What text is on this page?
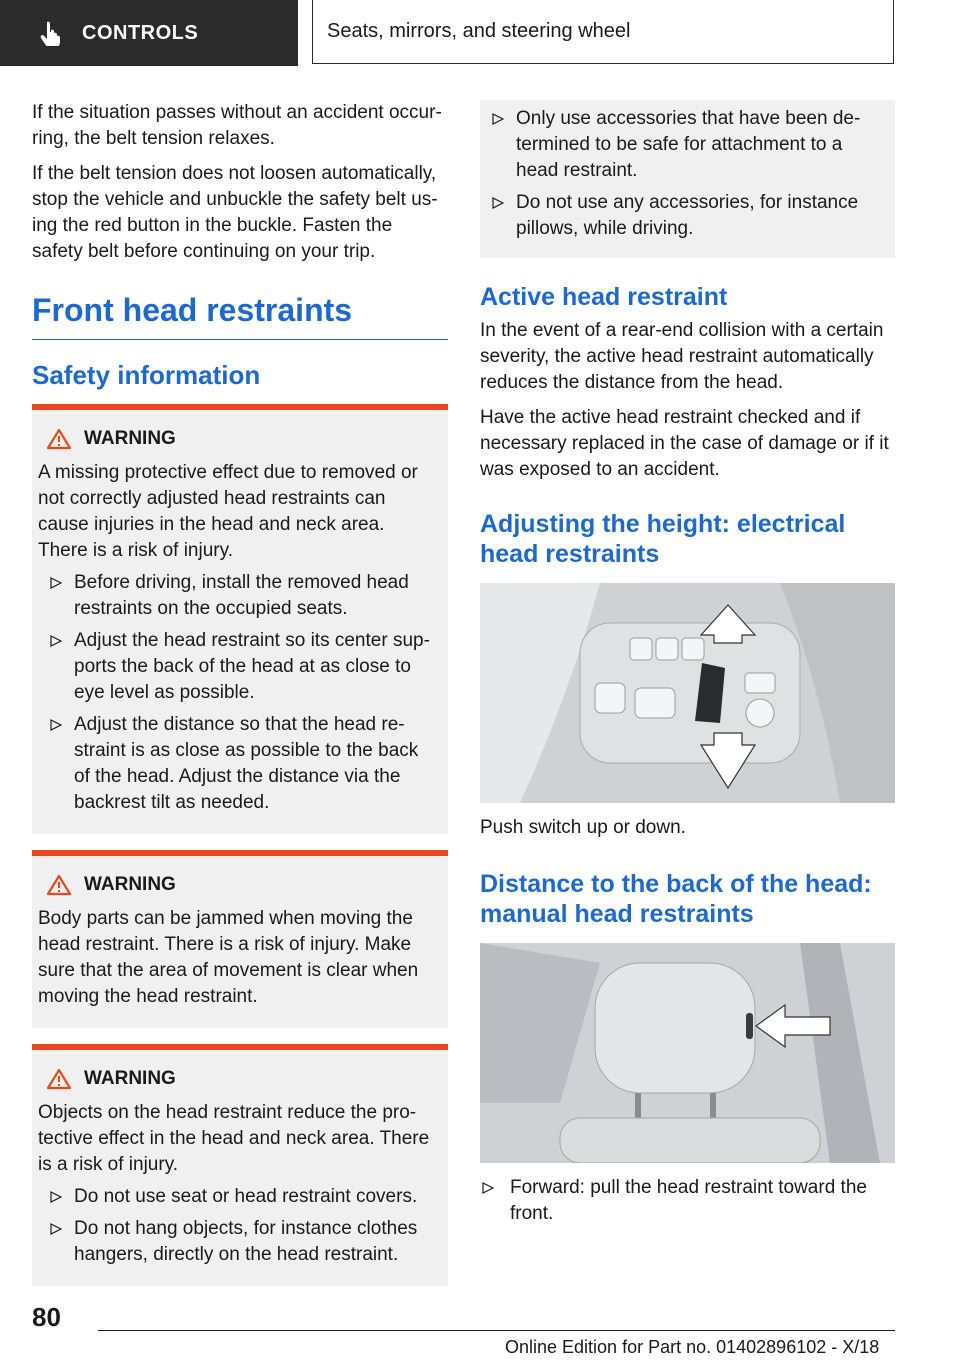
CONTROLS	Seats, mirrors, and steering wheel

If the situation passes without an accident occurring, the belt tension relaxes.

If the belt tension does not loosen automatically, stop the vehicle and unbuckle the safety belt using the red button in the buckle. Fasten the safety belt before continuing on your trip.

Front head restraints
Safety information
WARNING

A missing protective effect due to removed or not correctly adjusted head restraints can cause injuries in the head and neck area. There is a risk of injury.

Before driving, install the removed head restraints on the occupied seats.
Adjust the head restraint so its center supports the back of the head at as close to eye level as possible.
Adjust the distance so that the head restraint is as close as possible to the back of the head. Adjust the distance via the backrest tilt as needed.
WARNING

Body parts can be jammed when moving the head restraint. There is a risk of injury. Make sure that the area of movement is clear when moving the head restraint.

WARNING

Objects on the head restraint reduce the protective effect in the head and neck area. There is a risk of injury.

Do not use seat or head restraint covers.
Do not hang objects, for instance clothes hangers, directly on the head restraint.
Only use accessories that have been determined to be safe for attachment to a head restraint.
Do not use any accessories, for instance pillows, while driving.
Active head restraint

In the event of a rear-end collision with a certain severity, the active head restraint automatically reduces the distance from the head.

Have the active head restraint checked and if necessary replaced in the case of damage or if it was exposed to an accident.

Adjusting the height: electrical head restraints

Push switch up or down.

Distance to the back of the head: manual head restraints
Forward: pull the head restraint toward the front.
80
Online Edition for Part no. 01402896102 - X/18
